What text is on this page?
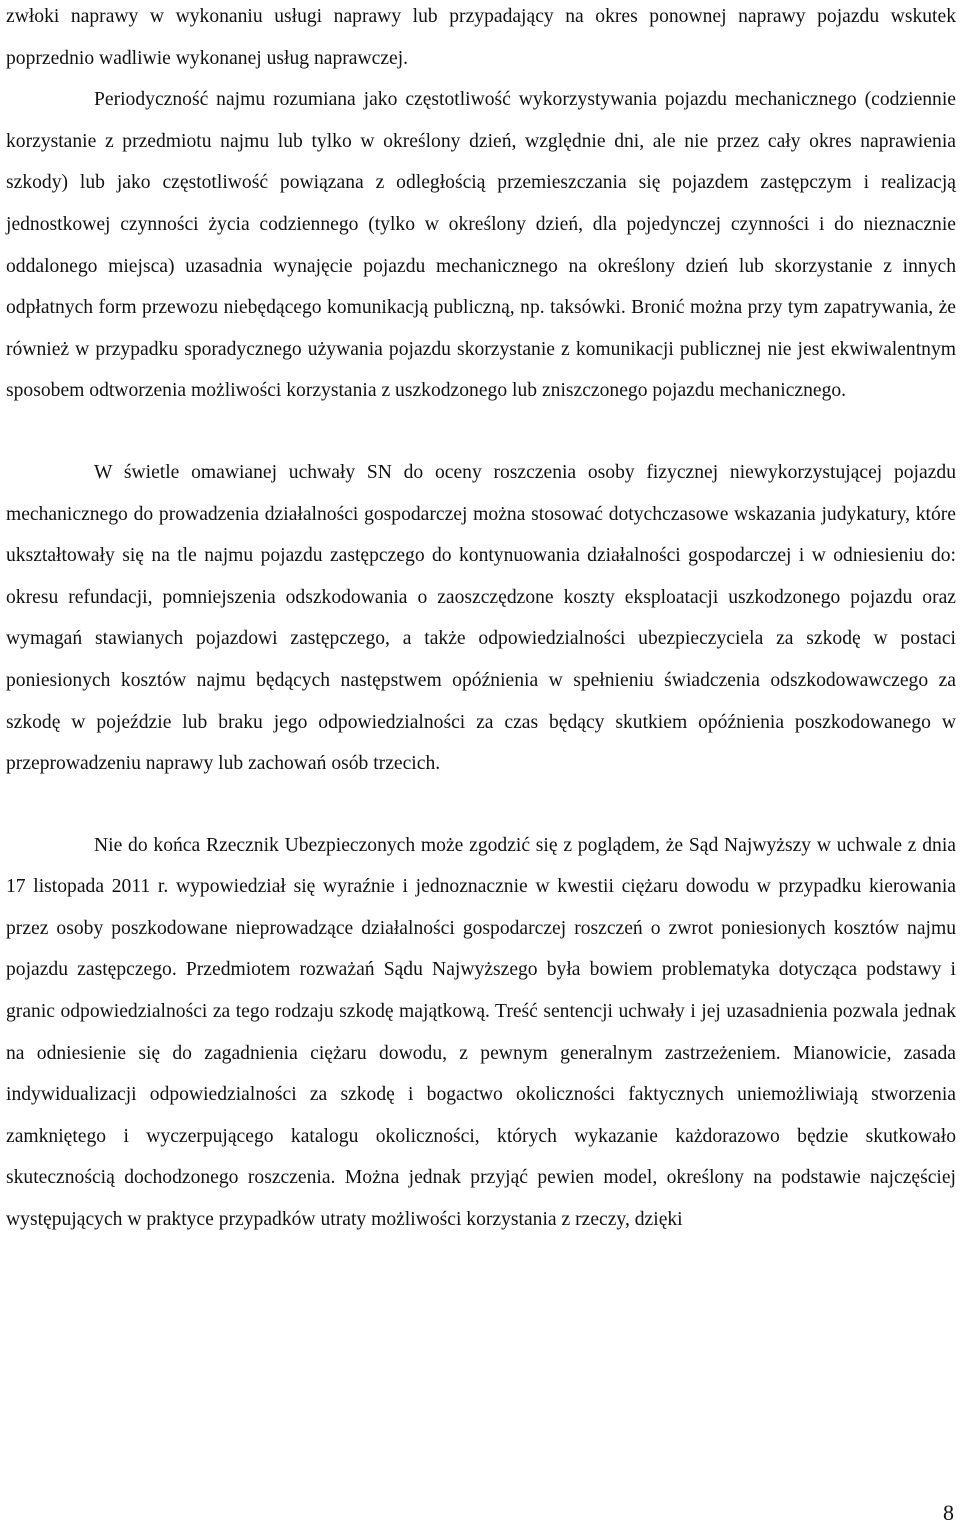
zwłoki naprawy w wykonaniu usługi naprawy lub przypadający na okres ponownej naprawy pojazdu wskutek poprzednio wadliwie wykonanej usług naprawczej.

Periodyczność najmu rozumiana jako częstotliwość wykorzystywania pojazdu mechanicznego (codziennie korzystanie z przedmiotu najmu lub tylko w określony dzień, względnie dni, ale nie przez cały okres naprawienia szkody) lub jako częstotliwość powiązana z odległością przemieszczania się pojazdem zastępczym i realizacją jednostkowej czynności życia codziennego (tylko w określony dzień, dla pojedynczej czynności i do nieznacznie oddalonego miejsca) uzasadnia wynajęcie pojazdu mechanicznego na określony dzień lub skorzystanie z innych odpłatnych form przewozu niebędącego komunikacją publiczną, np. taksówki. Bronić można przy tym zapatrywania, że również w przypadku sporadycznego używania pojazdu skorzystanie z komunikacji publicznej nie jest ekwiwalentnym sposobem odtworzenia możliwości korzystania z uszkodzonego lub zniszczonego pojazdu mechanicznego.

W świetle omawianej uchwały SN do oceny roszczenia osoby fizycznej niewykorzystującej pojazdu mechanicznego do prowadzenia działalności gospodarczej można stosować dotychczasowe wskazania judykatury, które ukształtowały się na tle najmu pojazdu zastępczego do kontynuowania działalności gospodarczej i w odniesieniu do: okresu refundacji, pomniejszenia odszkodowania o zaoszczędzone koszty eksploatacji uszkodzonego pojazdu oraz wymagań stawianych pojazdowi zastępczego, a także odpowiedzialności ubezpieczyciela za szkodę w postaci poniesionych kosztów najmu będących następstwem opóźnienia w spełnieniu świadczenia odszkodowawczego za szkodę w pojeździe lub braku jego odpowiedzialności za czas będący skutkiem opóźnienia poszkodowanego w przeprowadzeniu naprawy lub zachowań osób trzecich.

Nie do końca Rzecznik Ubezpieczonych może zgodzić się z poglądem, że Sąd Najwyższy w uchwale z dnia 17 listopada 2011 r. wypowiedział się wyraźnie i jednoznacznie w kwestii ciężaru dowodu w przypadku kierowania przez osoby poszkodowane nieprowadzące działalności gospodarczej roszczeń o zwrot poniesionych kosztów najmu pojazdu zastępczego. Przedmiotem rozważań Sądu Najwyższego była bowiem problematyka dotycząca podstawy i granic odpowiedzialności za tego rodzaju szkodę majątkową. Treść sentencji uchwały i jej uzasadnienia pozwala jednak na odniesienie się do zagadnienia ciężaru dowodu, z pewnym generalnym zastrzeżeniem. Mianowicie, zasada indywidualizacji odpowiedzialności za szkodę i bogactwo okoliczności faktycznych uniemożliwiają stworzenia zamkniętego i wyczerpującego katalogu okoliczności, których wykazanie każdorazowo będzie skutkowało skutecznością dochodzonego roszczenia. Można jednak przyjąć pewien model, określony na podstawie najczęściej występujących w praktyce przypadków utraty możliwości korzystania z rzeczy, dzięki

8
